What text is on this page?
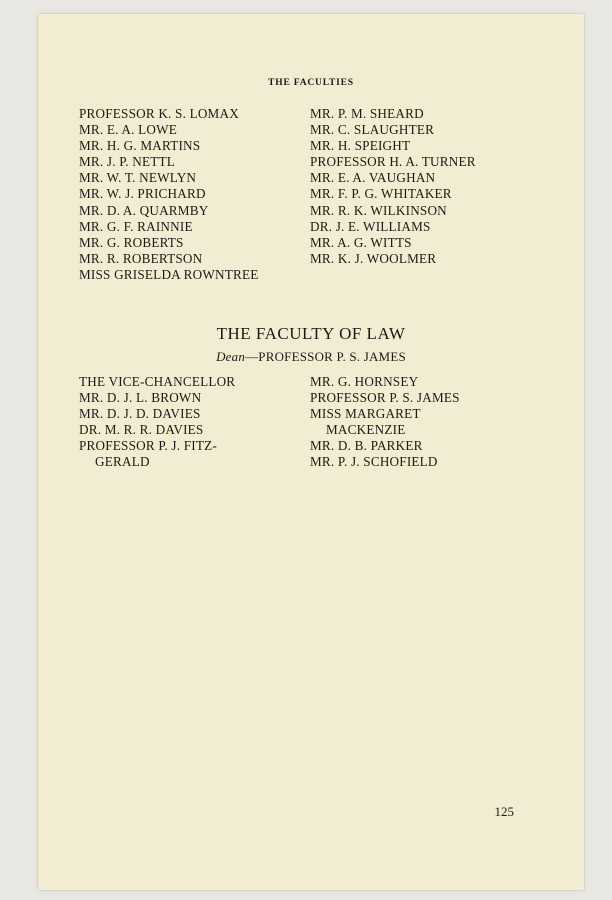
THE FACULTIES
PROFESSOR K. S. LOMAX
MR. E. A. LOWE
MR. H. G. MARTINS
MR. J. P. NETTL
MR. W. T. NEWLYN
MR. W. J. PRICHARD
MR. D. A. QUARMBY
MR. G. F. RAINNIE
MR. G. ROBERTS
MR. R. ROBERTSON
MISS GRISELDA ROWNTREE
MR. P. M. SHEARD
MR. C. SLAUGHTER
MR. H. SPEIGHT
PROFESSOR H. A. TURNER
MR. E. A. VAUGHAN
MR. F. P. G. WHITAKER
MR. R. K. WILKINSON
DR. J. E. WILLIAMS
MR. A. G. WITTS
MR. K. J. WOOLMER
THE FACULTY OF LAW
Dean—PROFESSOR P. S. JAMES
THE VICE-CHANCELLOR
MR. D. J. L. BROWN
MR. D. J. D. DAVIES
DR. M. R. R. DAVIES
PROFESSOR P. J. FITZ-
GERALD
MR. G. HORNSEY
PROFESSOR P. S. JAMES
MISS MARGARET
MACKENZIE
MR. D. B. PARKER
MR. P. J. SCHOFIELD
125
